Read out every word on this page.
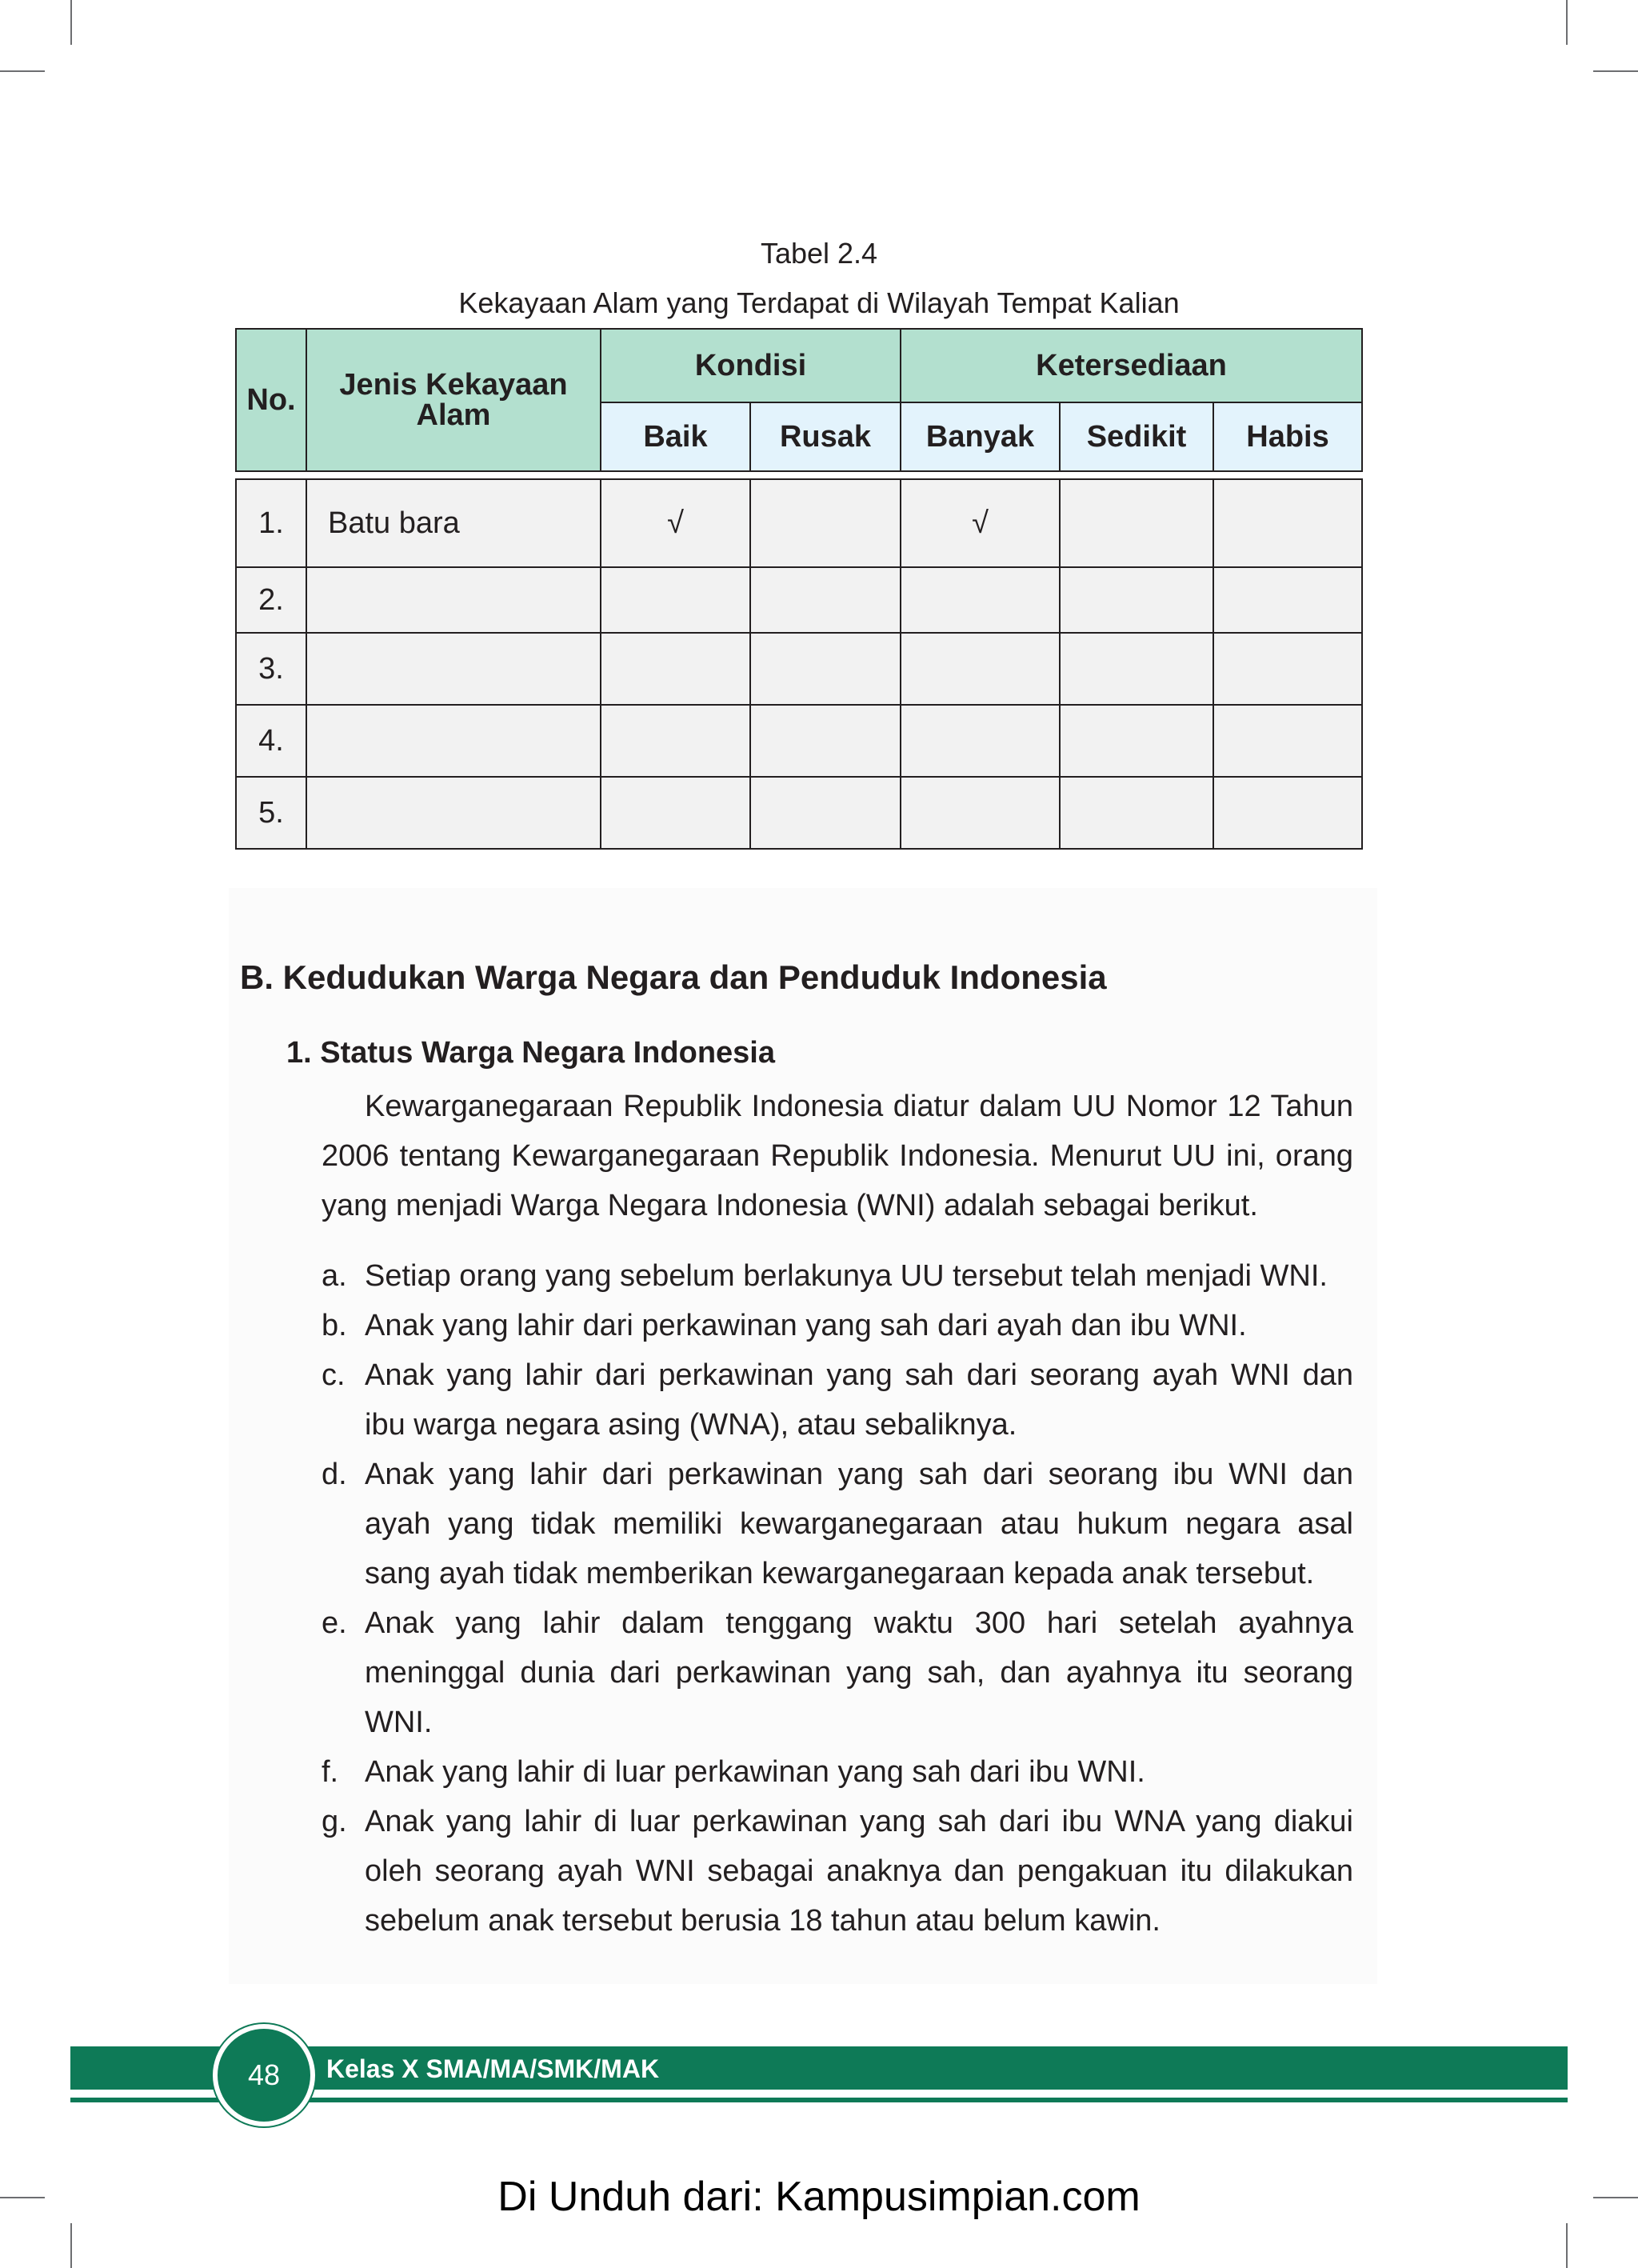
Tabel 2.4
Kekayaan Alam yang Terdapat di Wilayah Tempat Kalian
No.	Jenis Kekayaan Alam	Kondisi		Ketersediaan		
		Baik	Rusak	Banyak	Sedikit	Habis

1.	Batu bara	√		√		
2.						
3.						
4.						
5.						
B. Kedudukan Warga Negara dan Penduduk Indonesia
1. Status Warga Negara Indonesia

Kewarganegaraan Republik Indonesia diatur dalam UU Nomor 12 Tahun 2006 tentang Kewarganegaraan Republik Indonesia. Menurut UU ini, orang yang menjadi Warga Negara Indonesia (WNI) adalah sebagai berikut.

a. Setiap orang yang sebelum berlakunya UU tersebut telah menjadi WNI.
b. Anak yang lahir dari perkawinan yang sah dari ayah dan ibu WNI.
c. Anak yang lahir dari perkawinan yang sah dari seorang ayah WNI dan ibu warga negara asing (WNA), atau sebaliknya.
d. Anak yang lahir dari perkawinan yang sah dari seorang ibu WNI dan ayah yang tidak memiliki kewarganegaraan atau hukum negara asal sang ayah tidak memberikan kewarganegaraan kepada anak tersebut.
e. Anak yang lahir dalam tenggang waktu 300 hari setelah ayahnya meninggal dunia dari perkawinan yang sah, dan ayahnya itu seorang WNI.
f. Anak yang lahir di luar perkawinan yang sah dari ibu WNI.
g. Anak yang lahir di luar perkawinan yang sah dari ibu WNA yang diakui oleh seorang ayah WNI sebagai anaknya dan pengakuan itu dilakukan sebelum anak tersebut berusia 18 tahun atau belum kawin.
48	Kelas X SMA/MA/SMK/MAK
Di Unduh dari: Kampusimpian.com
